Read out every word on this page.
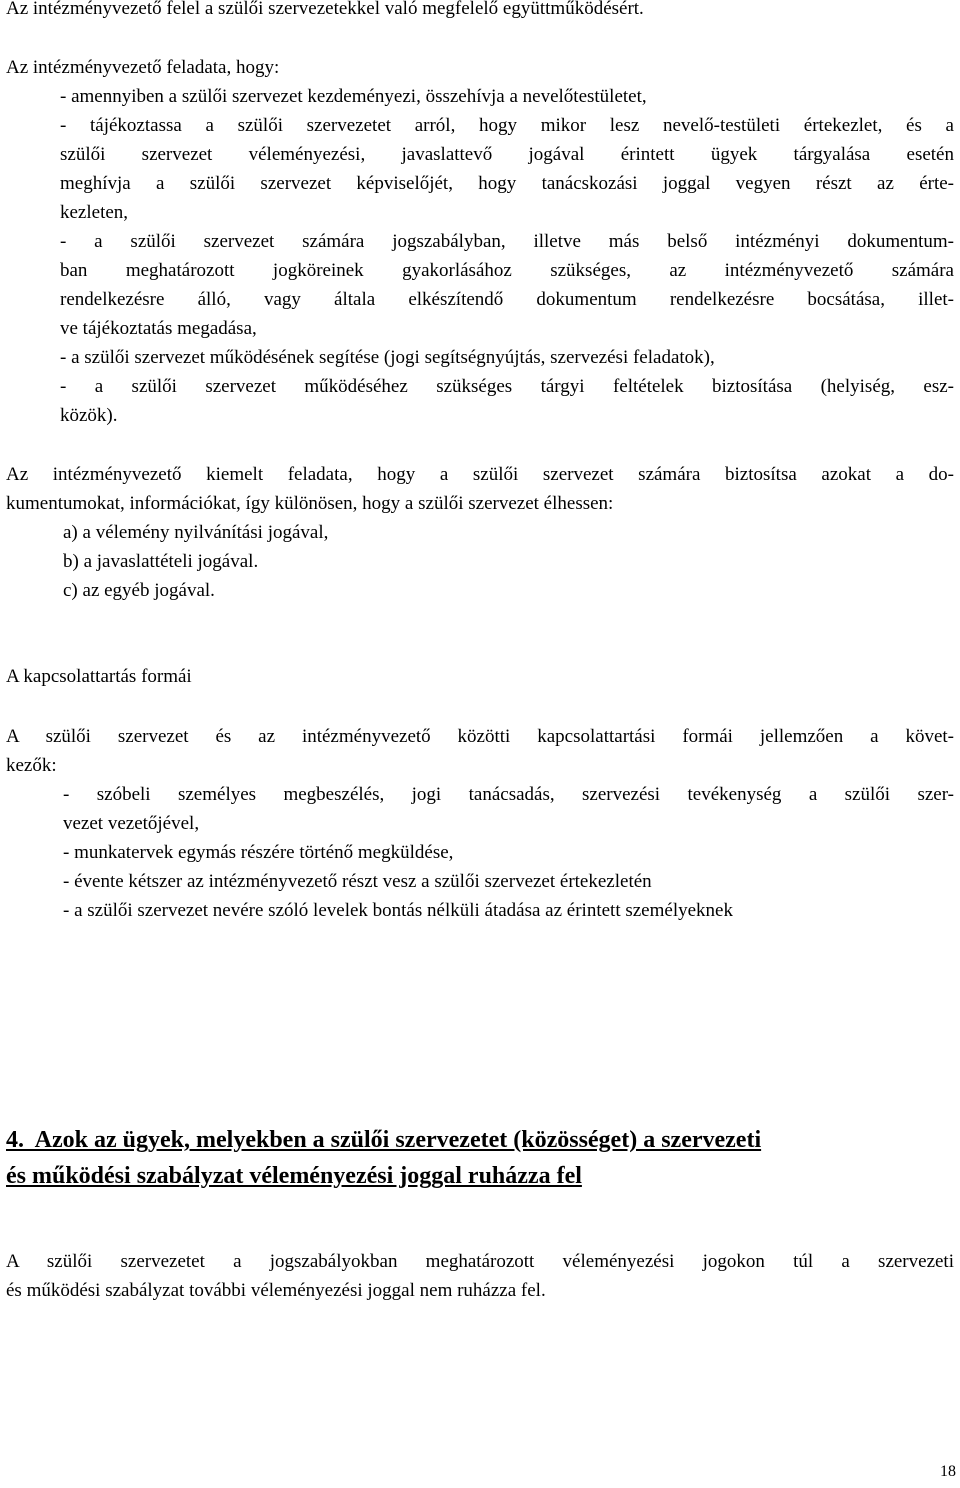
Az intézményvezető felel a szülői szervezetekkel való megfelelő együttműködésért.

Az intézményvezető feladata, hogy:
- amennyiben a szülői szervezet kezdeményezi, összehívja a nevelőtestületet,
- tájékoztassa a szülői szervezetet arról, hogy mikor lesz nevelő-testületi értekezlet, és a
szülői szervezet véleményezési, javaslattevő jogával érintett ügyek tárgyalása esetén
meghívja a szülői szervezet képviselőjét, hogy tanácskozási joggal vegyen részt az érte-
kezleten,
- a szülői szervezet számára jogszabályban, illetve más belső intézményi dokumentum-
ban meghatározott jogköreinek gyakorlásához szükséges, az intézményvezető számára
rendelkezésre álló, vagy általa elkészítendő dokumentum rendelkezésre bocsátása, illet-
ve tájékoztatás megadása,
- a szülői szervezet működésének segítése (jogi segítségnyújtás, szervezési feladatok),
- a szülői szervezet működéséhez szükséges tárgyi feltételek biztosítása (helyiség, esz-
közök).
Az intézményvezető kiemelt feladata, hogy a szülői szervezet számára biztosítsa azokat a do-
kumentumokat, információkat, így különösen, hogy a szülői szervezet élhessen:
a) a vélemény nyilvánítási jogával,
b) a javaslattételi jogával.
c) az egyéb jogával.
A kapcsolattartás formái
A szülői szervezet és az intézményvezető közötti kapcsolattartási formái jellemzően a követ-
kezők:
- szóbeli személyes megbeszélés, jogi tanácsadás, szervezési tevékenység a szülői szer-
vezet vezetőjével,
- munkatervek egymás részére történő megküldése,
- évente kétszer az intézményvezető részt vesz a szülői szervezet értekezletén
- a szülői szervezet nevére szóló levelek bontás nélküli átadása az érintett személyeknek
4.  Azok az ügyek, melyekben a szülői szervezetet (közösséget) a szervezeti
és működési szabályzat véleményezési joggal ruházza fel
A szülői szervezetet a jogszabályokban meghatározott véleményezési jogokon túl a szervezeti
és működési szabályzat további véleményezési joggal nem ruházza fel.
18
